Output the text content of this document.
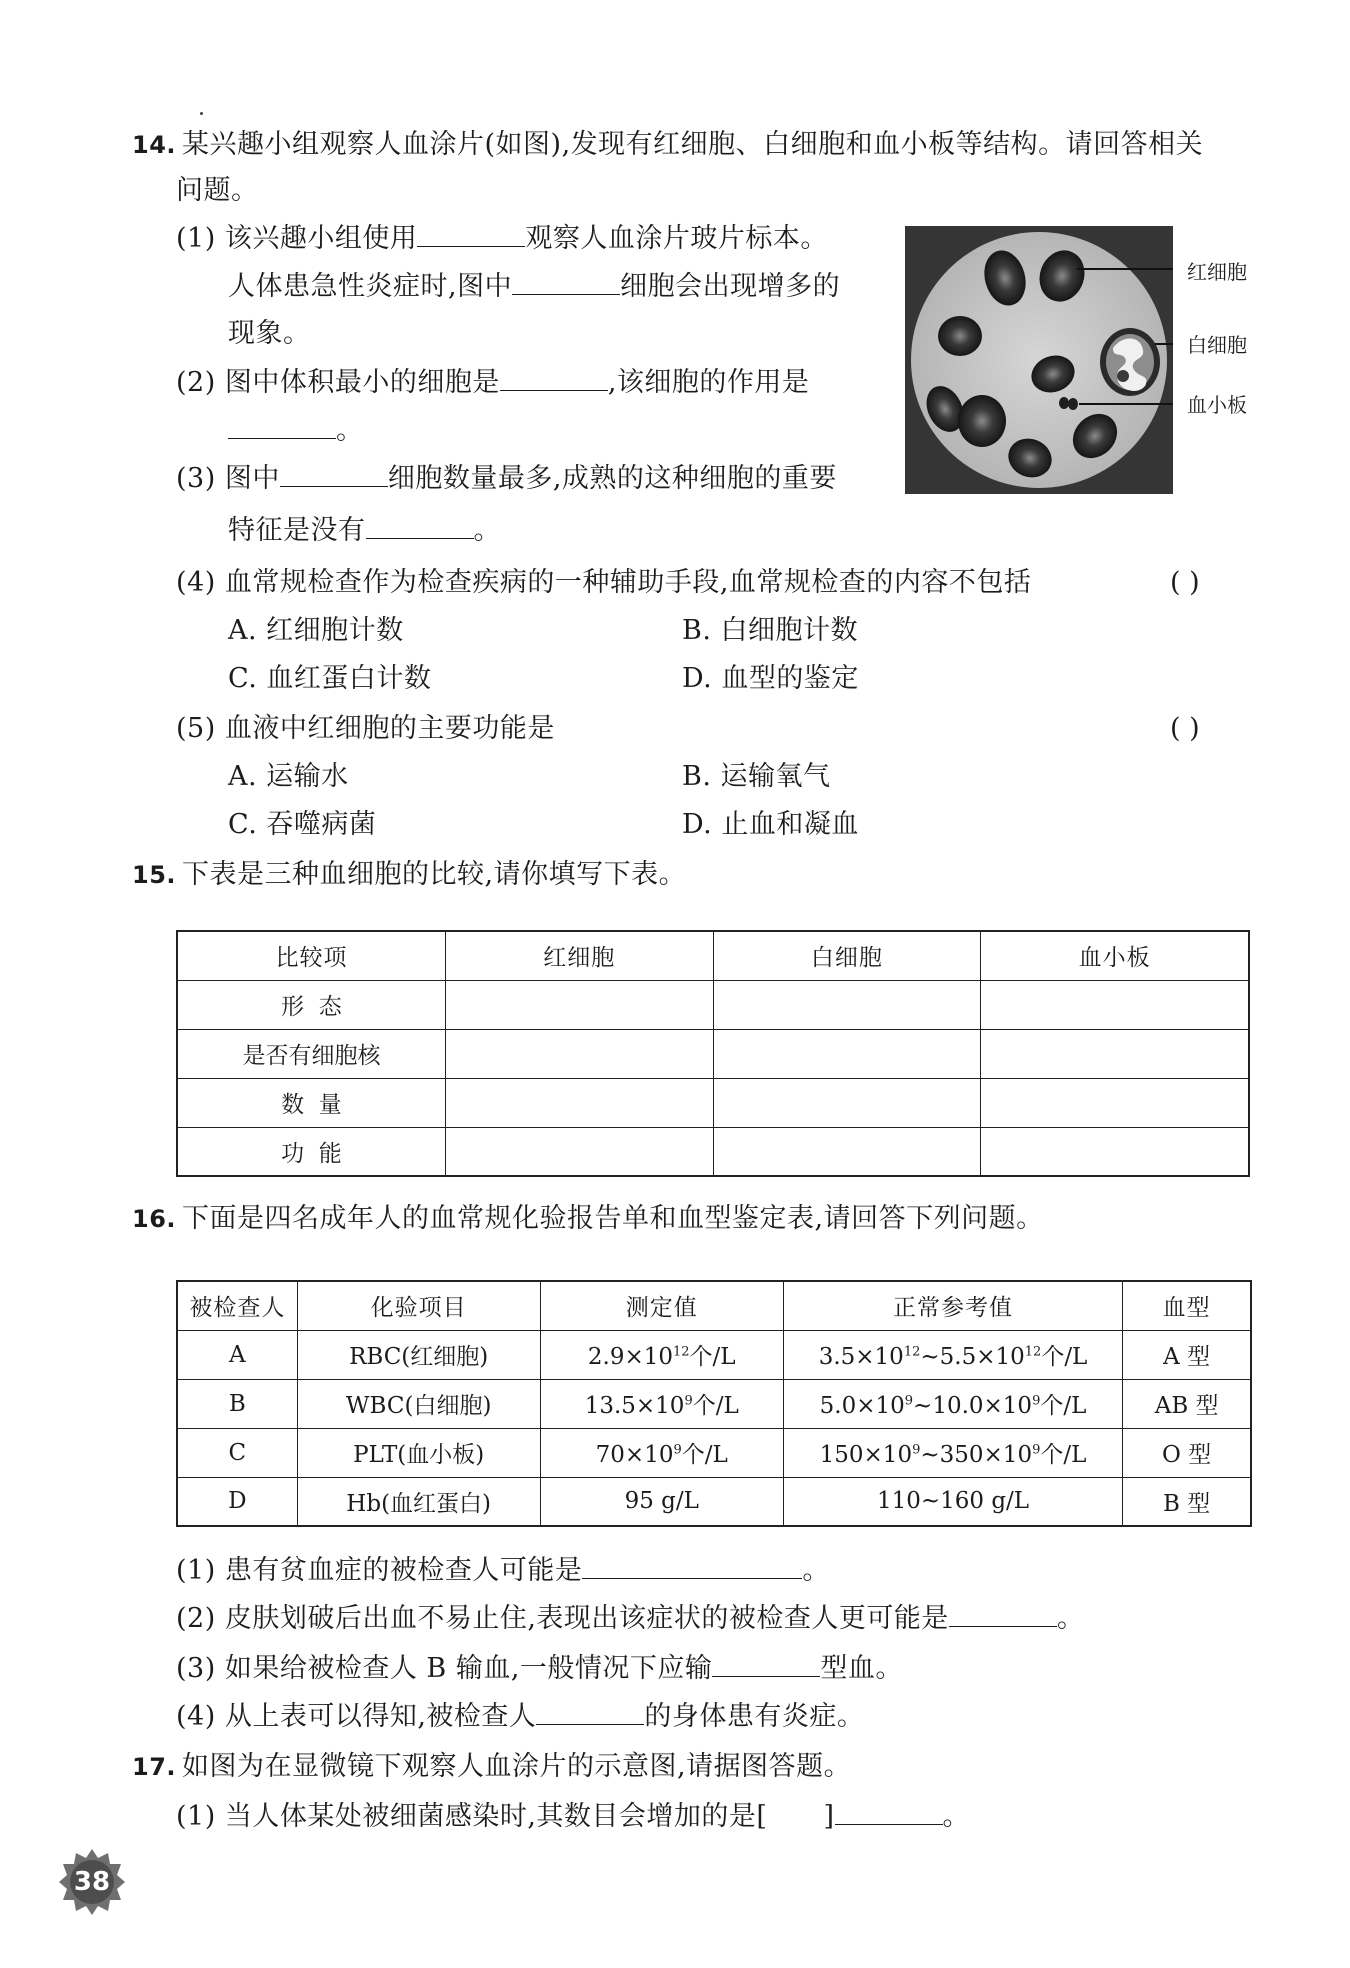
14. 某兴趣小组观察人血涂片(如图),发现有红细胞、白细胞和血小板等结构。请回答相关
问题。
(1) 该兴趣小组使用	观察人血涂片玻片标本。
人体患急性炎症时,图中	细胞会出现增多的
现象。
(2) 图中体积最小的细胞是	,该细胞的作用是
。
(3) 图中	细胞数量最多,成熟的这种细胞的重要
特征是没有	。
(4) 血常规检查作为检查疾病的一种辅助手段,血常规检查的内容不包括	( )
A. 红细胞计数	B. 白细胞计数
C. 血红蛋白计数	D. 血型的鉴定
(5) 血液中红细胞的主要功能是	( )
A. 运输水	B. 运输氧气
C. 吞噬病菌	D. 止血和凝血
红细胞
白细胞
血小板
15. 下表是三种血细胞的比较,请你填写下表。
比较项	红细胞	白细胞	血小板
形  态			
是否有细胞核			
数  量			
功  能			
16. 下面是四名成年人的血常规化验报告单和血型鉴定表,请回答下列问题。
被检查人	化验项目	测定值	正常参考值	血型
A	RBC(红细胞)	$2.9\times 10^{12}$个/L	$3.5\times 10^{12}\sim 5.5\times 10^{12}$个/L	A 型
B	WBC(白细胞)	$13.5\times 10^9$个/L	$5.0\times 10^9\sim 10.0\times 10^9$个/L	AB 型
C	PLT(血小板)	$70\times 10^9$个/L	$150\times 10^9\sim 350\times 10^9$个/L	O 型
D	Hb(血红蛋白)	95 g/L	110~160 g/L	B 型
(1) 患有贫血症的被检查人可能是	。
(2) 皮肤划破后出血不易止住,表现出该症状的被检查人更可能是	。
(3) 如果给被检查人 B 输血,一般情况下应输	型血。
(4) 从上表可以得知,被检查人	的身体患有炎症。
17. 如图为在显微镜下观察人血涂片的示意图,请据图答题。
(1) 当人体某处被细菌感染时,其数目会增加的是[ ]	。
38
